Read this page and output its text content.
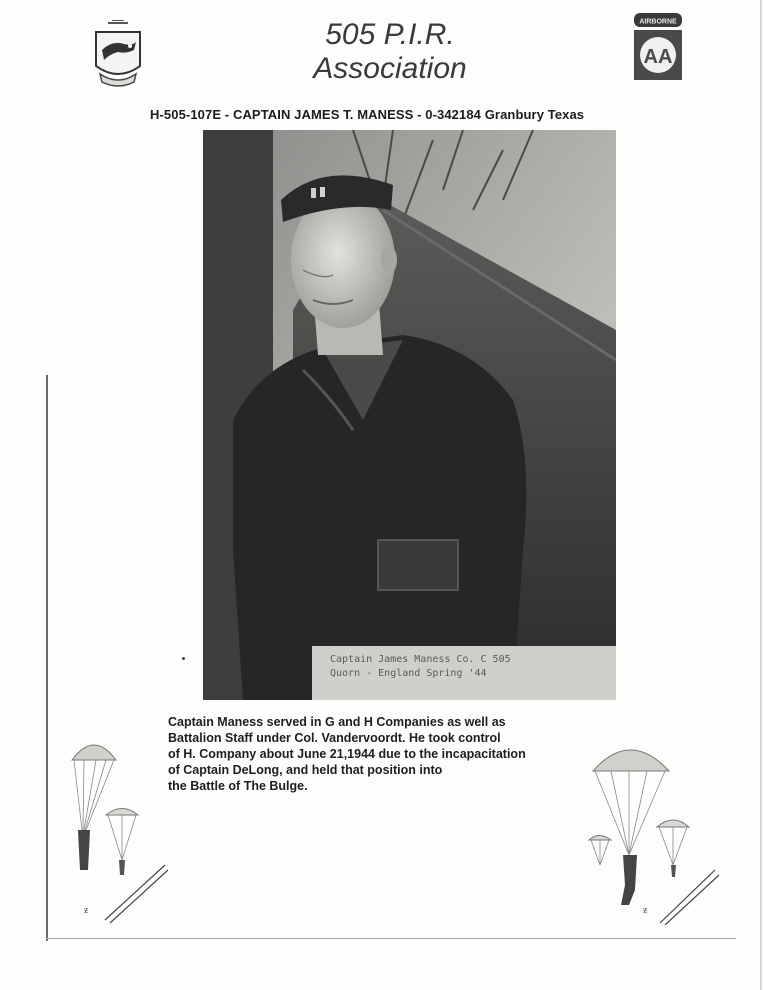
505 P.I.R.
Association
AIRBORNE
AA
H-505-107E - CAPTAIN JAMES T. MANESS - 0-342184 Granbury Texas
Captain James Maness Co. C 505
Quorn - England Spring '44
Captain Maness served in G and H Companies as well as
Battalion Staff under Col. Vandervoordt. He took control
of H. Company about June 21,1944 due to the incapacitation
of Captain DeLong, and held that position into
the Battle of The Bulge.
ƶ	ƶ
